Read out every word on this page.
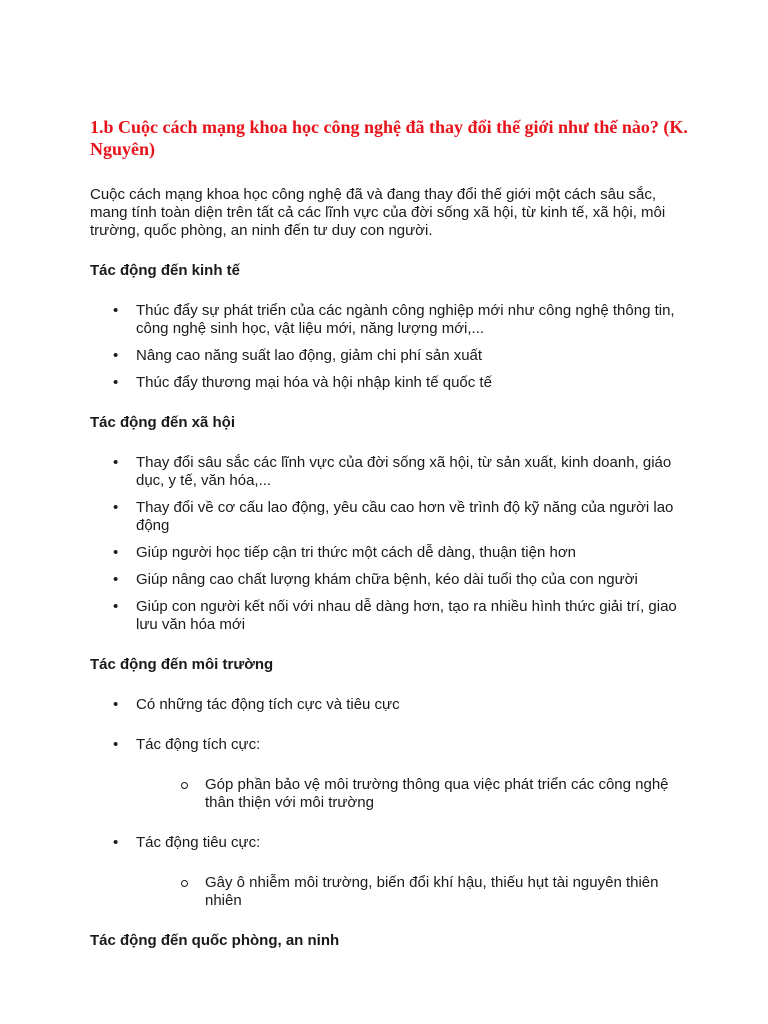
1.b Cuộc cách mạng khoa học công nghệ đã thay đổi thế giới như thế nào? (K. Nguyên)

Cuộc cách mạng khoa học công nghệ đã và đang thay đổi thế giới một cách sâu sắc, mang tính toàn diện trên tất cả các lĩnh vực của đời sống xã hội, từ kinh tế, xã hội, môi trường, quốc phòng, an ninh đến tư duy con người.

Tác động đến kinh tế
• Thúc đẩy sự phát triển của các ngành công nghiệp mới như công nghệ thông tin, công nghệ sinh học, vật liệu mới, năng lượng mới,...
• Nâng cao năng suất lao động, giảm chi phí sản xuất
• Thúc đẩy thương mại hóa và hội nhập kinh tế quốc tế
Tác động đến xã hội
• Thay đổi sâu sắc các lĩnh vực của đời sống xã hội, từ sản xuất, kinh doanh, giáo dục, y tế, văn hóa,...
• Thay đổi về cơ cấu lao động, yêu cầu cao hơn về trình độ kỹ năng của người lao động
• Giúp người học tiếp cận tri thức một cách dễ dàng, thuận tiện hơn
• Giúp nâng cao chất lượng khám chữa bệnh, kéo dài tuổi thọ của con người
• Giúp con người kết nối với nhau dễ dàng hơn, tạo ra nhiều hình thức giải trí, giao lưu văn hóa mới
Tác động đến môi trường
• Có những tác động tích cực và tiêu cực
• Tác động tích cực:
Góp phần bảo vệ môi trường thông qua việc phát triển các công nghệ thân thiện với môi trường
• Tác động tiêu cực:
Gây ô nhiễm môi trường, biến đổi khí hậu, thiếu hụt tài nguyên thiên nhiên
Tác động đến quốc phòng, an ninh
